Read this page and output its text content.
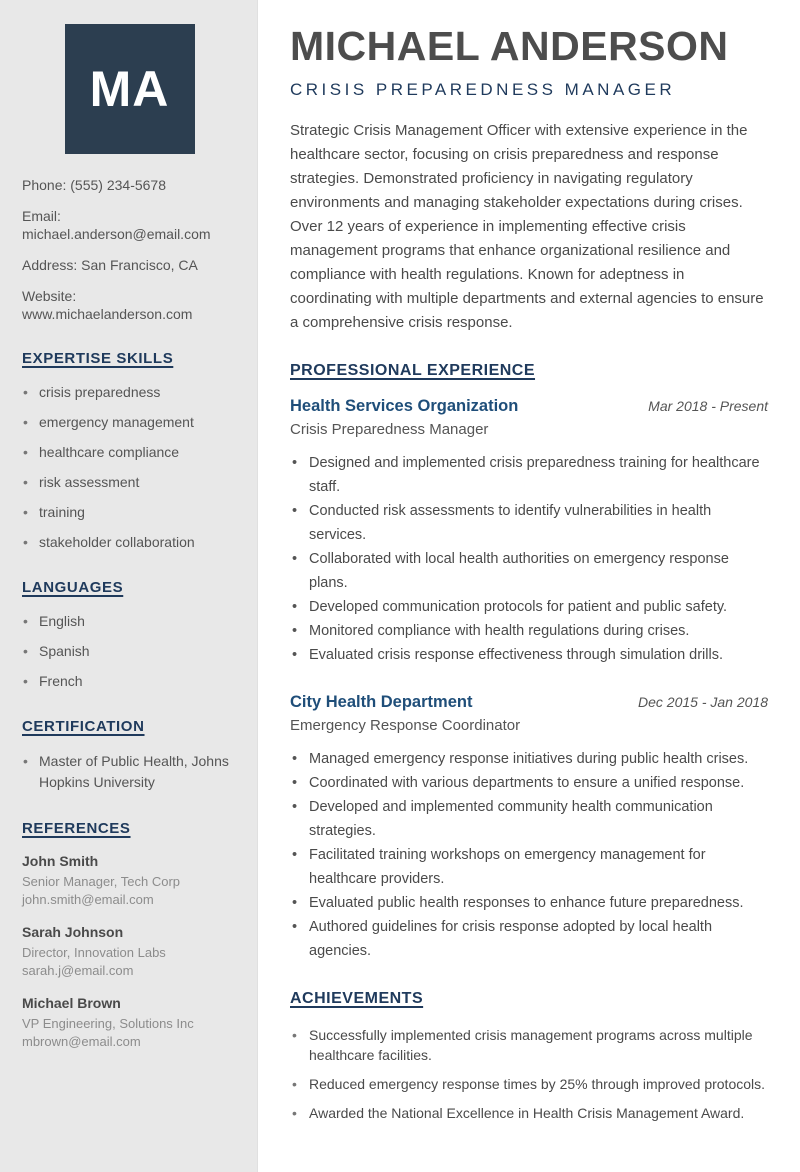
MA
Phone: (555) 234-5678
Email: michael.anderson@email.com
Address: San Francisco, CA
Website: www.michaelanderson.com
EXPERTISE SKILLS
• crisis preparedness
• emergency management
• healthcare compliance
• risk assessment
• training
• stakeholder collaboration
LANGUAGES
• English
• Spanish
• French
CERTIFICATION
• Master of Public Health, Johns Hopkins University
REFERENCES
John Smith
Senior Manager, Tech Corp
john.smith@email.com
Sarah Johnson
Director, Innovation Labs
sarah.j@email.com
Michael Brown
VP Engineering, Solutions Inc
mbrown@email.com
MICHAEL ANDERSON
CRISIS PREPAREDNESS MANAGER

Strategic Crisis Management Officer with extensive experience in the healthcare sector, focusing on crisis preparedness and response strategies. Demonstrated proficiency in navigating regulatory environments and managing stakeholder expectations during crises. Over 12 years of experience in implementing effective crisis management programs that enhance organizational resilience and compliance with health regulations. Known for adeptness in coordinating with multiple departments and external agencies to ensure a comprehensive crisis response.

PROFESSIONAL EXPERIENCE
Health Services Organization	Mar 2018 - Present
Crisis Preparedness Manager
• Designed and implemented crisis preparedness training for healthcare staff.
• Conducted risk assessments to identify vulnerabilities in health services.
• Collaborated with local health authorities on emergency response plans.
• Developed communication protocols for patient and public safety.
• Monitored compliance with health regulations during crises.
• Evaluated crisis response effectiveness through simulation drills.
City Health Department	Dec 2015 - Jan 2018
Emergency Response Coordinator
• Managed emergency response initiatives during public health crises.
• Coordinated with various departments to ensure a unified response.
• Developed and implemented community health communication strategies.
• Facilitated training workshops on emergency management for healthcare providers.
• Evaluated public health responses to enhance future preparedness.
• Authored guidelines for crisis response adopted by local health agencies.
ACHIEVEMENTS
• Successfully implemented crisis management programs across multiple healthcare facilities.
• Reduced emergency response times by 25% through improved protocols.
• Awarded the National Excellence in Health Crisis Management Award.
